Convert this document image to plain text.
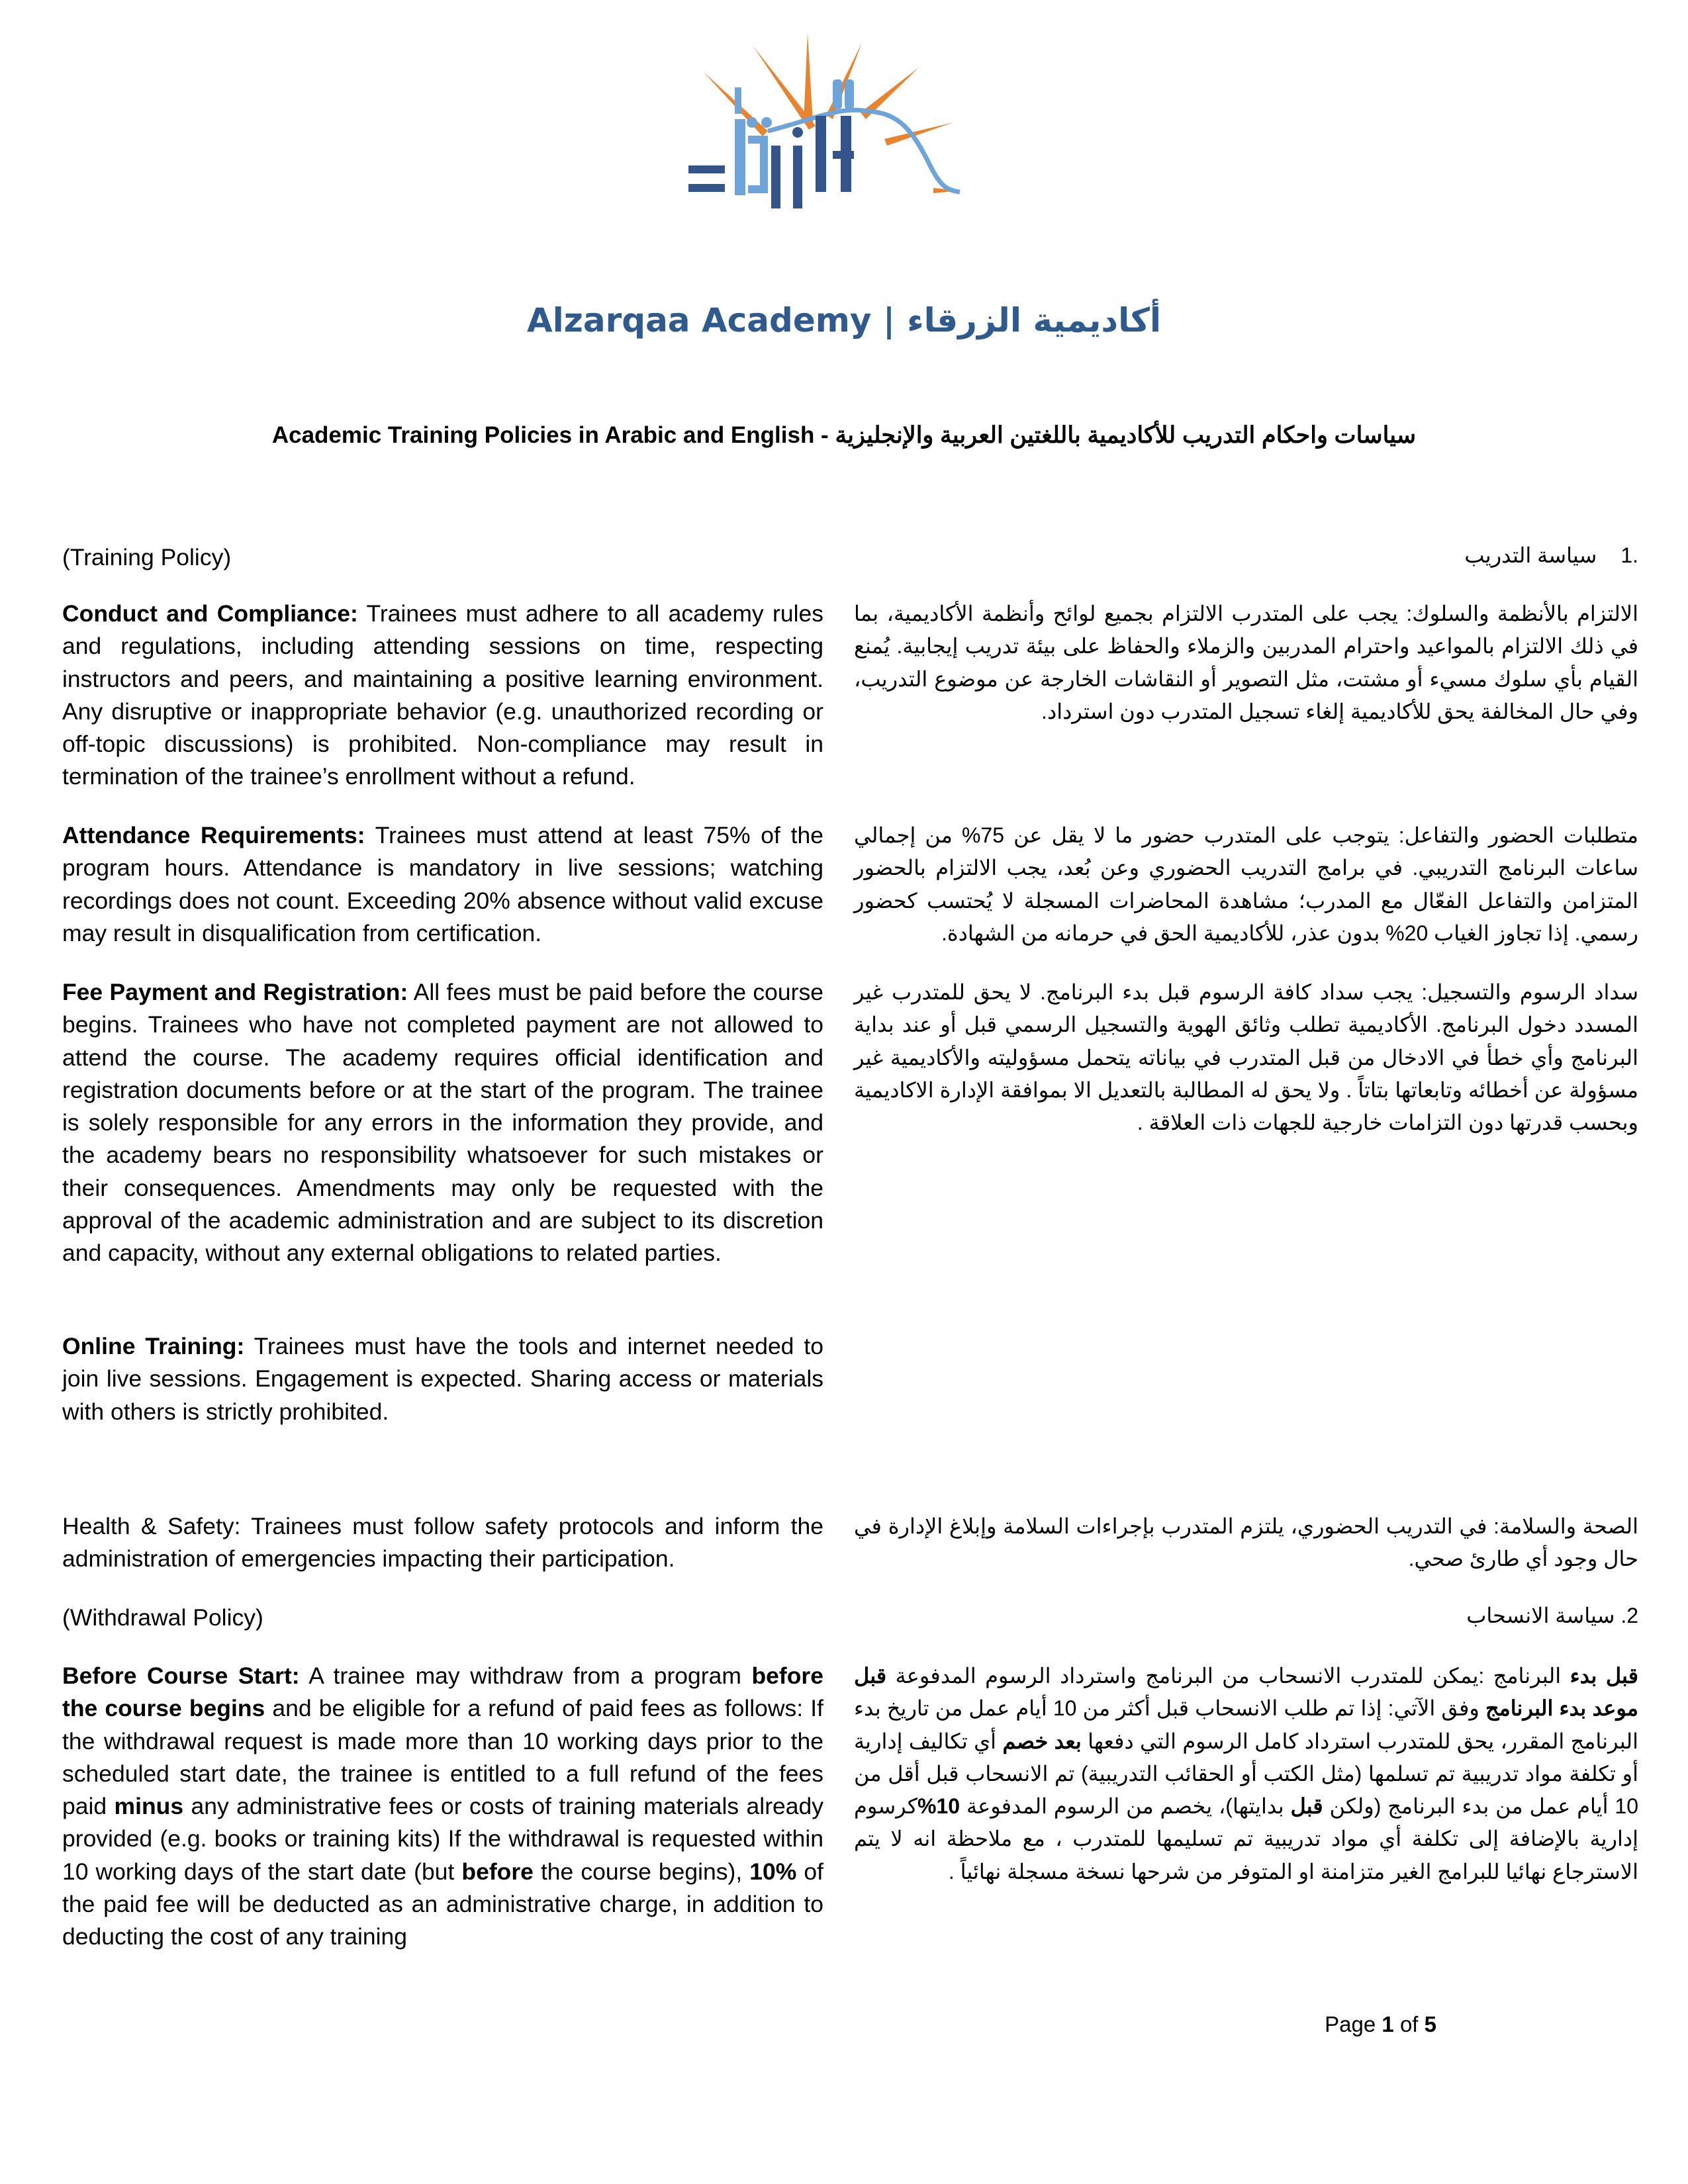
Alzarqaa Academy | أكاديمية الزرقاء
Academic Training Policies in Arabic and English - سياسات واحكام التدريب للأكاديمية باللغتين العربية والإنجليزية
(Training Policy)	1.سياسة التدريب

Conduct and Compliance: Trainees must adhere to all academy rules and regulations, including attending sessions on time, respecting instructors and peers, and maintaining a positive learning environment. Any disruptive or inappropriate behavior (e.g. unauthorized recording or off-topic discussions) is prohibited. Non-compliance may result in termination of the trainee’s enrollment without a refund.

الالتزام بالأنظمة والسلوك: يجب على المتدرب الالتزام بجميع لوائح وأنظمة الأكاديمية، بما في ذلك الالتزام بالمواعيد واحترام المدربين والزملاء والحفاظ على بيئة تدريب إيجابية. يُمنع القيام بأي سلوك مسيء أو مشتت، مثل التصوير أو النقاشات الخارجة عن موضوع التدريب، وفي حال المخالفة يحق للأكاديمية إلغاء تسجيل المتدرب دون استرداد.

Attendance Requirements: Trainees must attend at least 75% of the program hours. Attendance is mandatory in live sessions; watching recordings does not count. Exceeding 20% absence without valid excuse may result in disqualification from certification.

متطلبات الحضور والتفاعل: يتوجب على المتدرب حضور ما لا يقل عن 75% من إجمالي ساعات البرنامج التدريبي. في برامج التدريب الحضوري وعن بُعد، يجب الالتزام بالحضور المتزامن والتفاعل الفعّال مع المدرب؛ مشاهدة المحاضرات المسجلة لا يُحتسب كحضور رسمي. إذا تجاوز الغياب 20% بدون عذر، للأكاديمية الحق في حرمانه من الشهادة.

Fee Payment and Registration: All fees must be paid before the course begins. Trainees who have not completed payment are not allowed to attend the course. The academy requires official identification and registration documents before or at the start of the program. The trainee is solely responsible for any errors in the information they provide, and the academy bears no responsibility whatsoever for such mistakes or their consequences. Amendments may only be requested with the approval of the academic administration and are subject to its discretion and capacity, without any external obligations to related parties.

سداد الرسوم والتسجيل: يجب سداد كافة الرسوم قبل بدء البرنامج. لا يحق للمتدرب غير المسدد دخول البرنامج. الأكاديمية تطلب وثائق الهوية والتسجيل الرسمي قبل أو عند بداية البرنامج وأي خطأ في الادخال من قبل المتدرب في بياناته يتحمل مسؤوليته والأكاديمية غير مسؤولة عن أخطائه وتابعاتها بتاتاً . ولا يحق له المطالبة بالتعديل الا بموافقة الإدارة الاكاديمية وبحسب قدرتها دون التزامات خارجية للجهات ذات العلاقة .

Online Training: Trainees must have the tools and internet needed to join live sessions. Engagement is expected. Sharing access or materials with others is strictly prohibited.

Health & Safety: Trainees must follow safety protocols and inform the administration of emergencies impacting their participation.

الصحة والسلامة: في التدريب الحضوري، يلتزم المتدرب بإجراءات السلامة وإبلاغ الإدارة في حال وجود أي طارئ صحي.

(Withdrawal Policy)	2. سياسة الانسحاب

Before Course Start: A trainee may withdraw from a program before the course begins and be eligible for a refund of paid fees as follows: If the withdrawal request is made more than 10 working days prior to the scheduled start date, the trainee is entitled to a full refund of the fees paid minus any administrative fees or costs of training materials already provided (e.g. books or training kits) If the withdrawal is requested within 10 working days of the start date (but before the course begins), 10% of the paid fee will be deducted as an administrative charge, in addition to deducting the cost of any training

قبل بدء البرنامج :يمكن للمتدرب الانسحاب من البرنامج واسترداد الرسوم المدفوعة قبل موعد بدء البرنامج وفق الآتي: إذا تم طلب الانسحاب قبل أكثر من 10 أيام عمل من تاريخ بدء البرنامج المقرر، يحق للمتدرب استرداد كامل الرسوم التي دفعها بعد خصم أي تكاليف إدارية أو تكلفة مواد تدريبية تم تسلمها (مثل الكتب أو الحقائب التدريبية) تم الانسحاب قبل أقل من 10 أيام عمل من بدء البرنامج (ولكن قبل بدايتها)، يخصم من الرسوم المدفوعة 10%كرسوم إدارية بالإضافة إلى تكلفة أي مواد تدريبية تم تسليمها للمتدرب ، مع ملاحظة انه لا يتم الاسترجاع نهائيا للبرامج الغير متزامنة او المتوفر من شرحها نسخة مسجلة نهائياً .

Page 1 of 5
